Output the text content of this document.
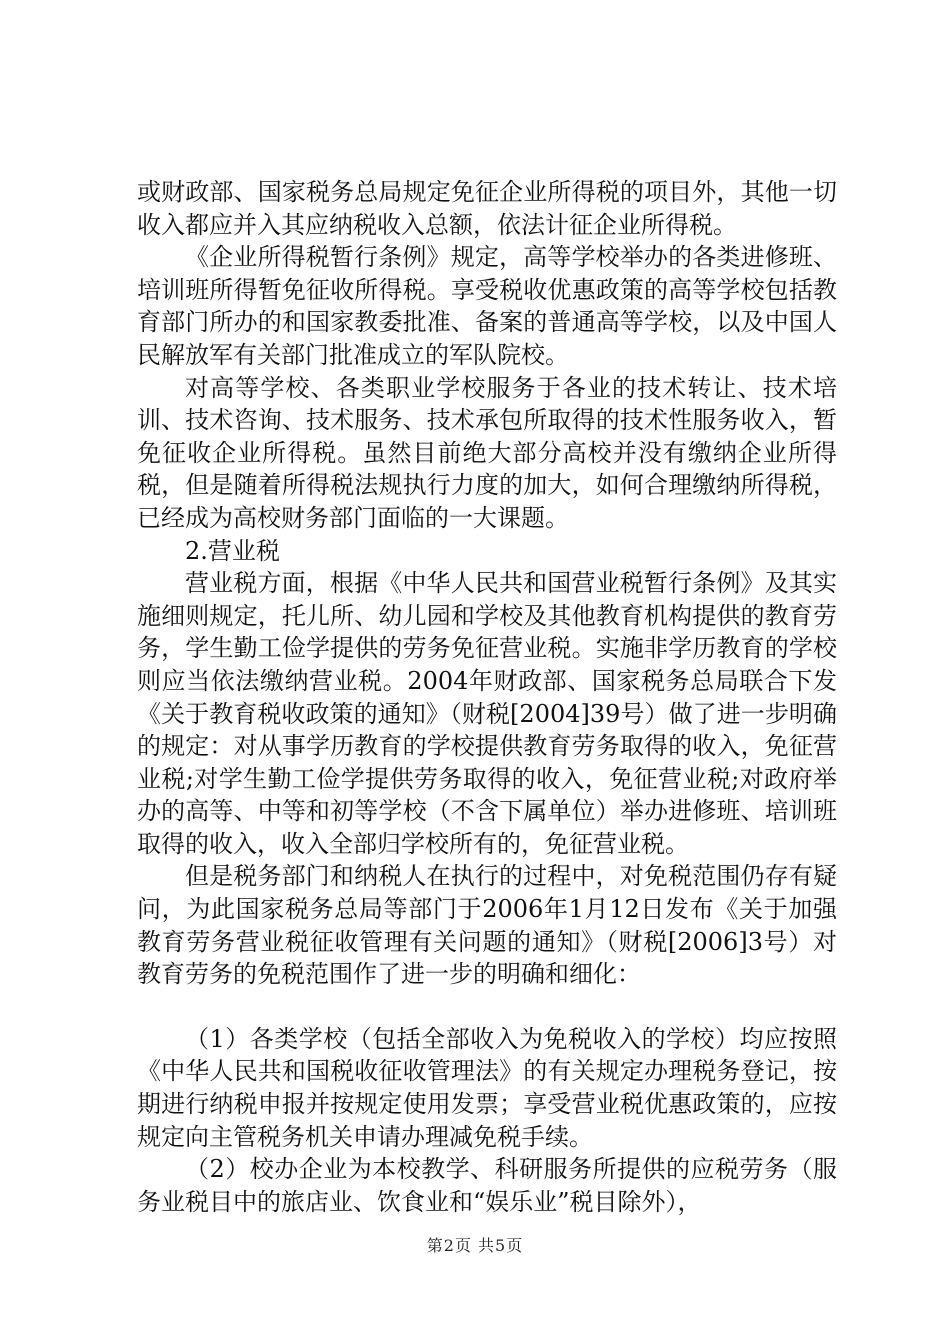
或财政部、国家税务总局规定免征企业所得税的项目外，其他一切收入都应并入其应纳税收入总额，依法计征企业所得税。

《企业所得税暂行条例》规定，高等学校举办的各类进修班、培训班所得暂免征收所得税。享受税收优惠政策的高等学校包括教育部门所办的和国家教委批准、备案的普通高等学校，以及中国人民解放军有关部门批准成立的军队院校。

对高等学校、各类职业学校服务于各业的技术转让、技术培训、技术咨询、技术服务、技术承包所取得的技术性服务收入，暂免征收企业所得税。虽然目前绝大部分高校并没有缴纳企业所得税，但是随着所得税法规执行力度的加大，如何合理缴纳所得税，已经成为高校财务部门面临的一大课题。

2.营业税

营业税方面，根据《中华人民共和国营业税暂行条例》及其实施细则规定，托儿所、幼儿园和学校及其他教育机构提供的教育劳务，学生勤工俭学提供的劳务免征营业税。实施非学历教育的学校则应当依法缴纳营业税。2004年财政部、国家税务总局联合下发《关于教育税收政策的通知》（财税[2004]39号）做了进一步明确的规定：对从事学历教育的学校提供教育劳务取得的收入，免征营业税;对学生勤工俭学提供劳务取得的收入，免征营业税;对政府举办的高等、中等和初等学校（不含下属单位）举办进修班、培训班取得的收入，收入全部归学校所有的，免征营业税。

但是税务部门和纳税人在执行的过程中，对免税范围仍存有疑问，为此国家税务总局等部门于2006年1月12日发布《关于加强教育劳务营业税征收管理有关问题的通知》（财税[2006]3号）对教育劳务的免税范围作了进一步的明确和细化：

（1）各类学校（包括全部收入为免税收入的学校）均应按照《中华人民共和国税收征收管理法》的有关规定办理税务登记，按期进行纳税申报并按规定使用发票；享受营业税优惠政策的，应按规定向主管税务机关申请办理减免税手续。

（2）校办企业为本校教学、科研服务所提供的应税劳务（服务业税目中的旅店业、饮食业和“娱乐业”税目除外），

第2页 共5页
